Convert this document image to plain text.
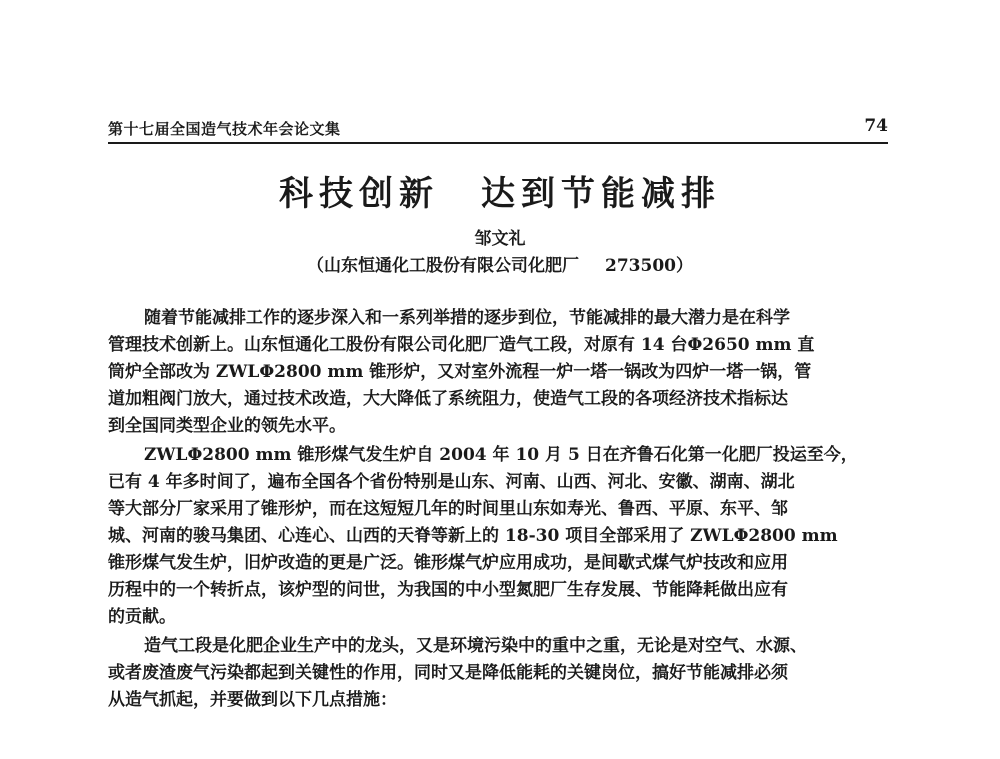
第十七届全国造气技术年会论文集	74
科技创新 达到节能减排
邹文礼
（山东恒通化工股份有限公司化肥厂 273500）
随着节能减排工作的逐步深入和一系列举措的逐步到位，节能减排的最大潜力是在科学
管理技术创新上。山东恒通化工股份有限公司化肥厂造气工段，对原有 14 台Φ2650 mm 直
筒炉全部改为 ZWLΦ2800 mm 锥形炉，又对室外流程一炉一塔一锅改为四炉一塔一锅，管
道加粗阀门放大，通过技术改造，大大降低了系统阻力，使造气工段的各项经济技术指标达
到全国同类型企业的领先水平。
ZWLΦ2800 mm 锥形煤气发生炉自 2004 年 10 月 5 日在齐鲁石化第一化肥厂投运至今，
已有 4 年多时间了，遍布全国各个省份特别是山东、河南、山西、河北、安徽、湖南、湖北
等大部分厂家采用了锥形炉，而在这短短几年的时间里山东如寿光、鲁西、平原、东平、邹
城、河南的骏马集团、心连心、山西的天脊等新上的 18-30 项目全部采用了 ZWLΦ2800 mm
锥形煤气发生炉，旧炉改造的更是广泛。锥形煤气炉应用成功，是间歇式煤气炉技改和应用
历程中的一个转折点，该炉型的问世，为我国的中小型氮肥厂生存发展、节能降耗做出应有
的贡献。
造气工段是化肥企业生产中的龙头，又是环境污染中的重中之重，无论是对空气、水源、
或者废渣废气污染都起到关键性的作用，同时又是降低能耗的关键岗位，搞好节能减排必须
从造气抓起，并要做到以下几点措施：
